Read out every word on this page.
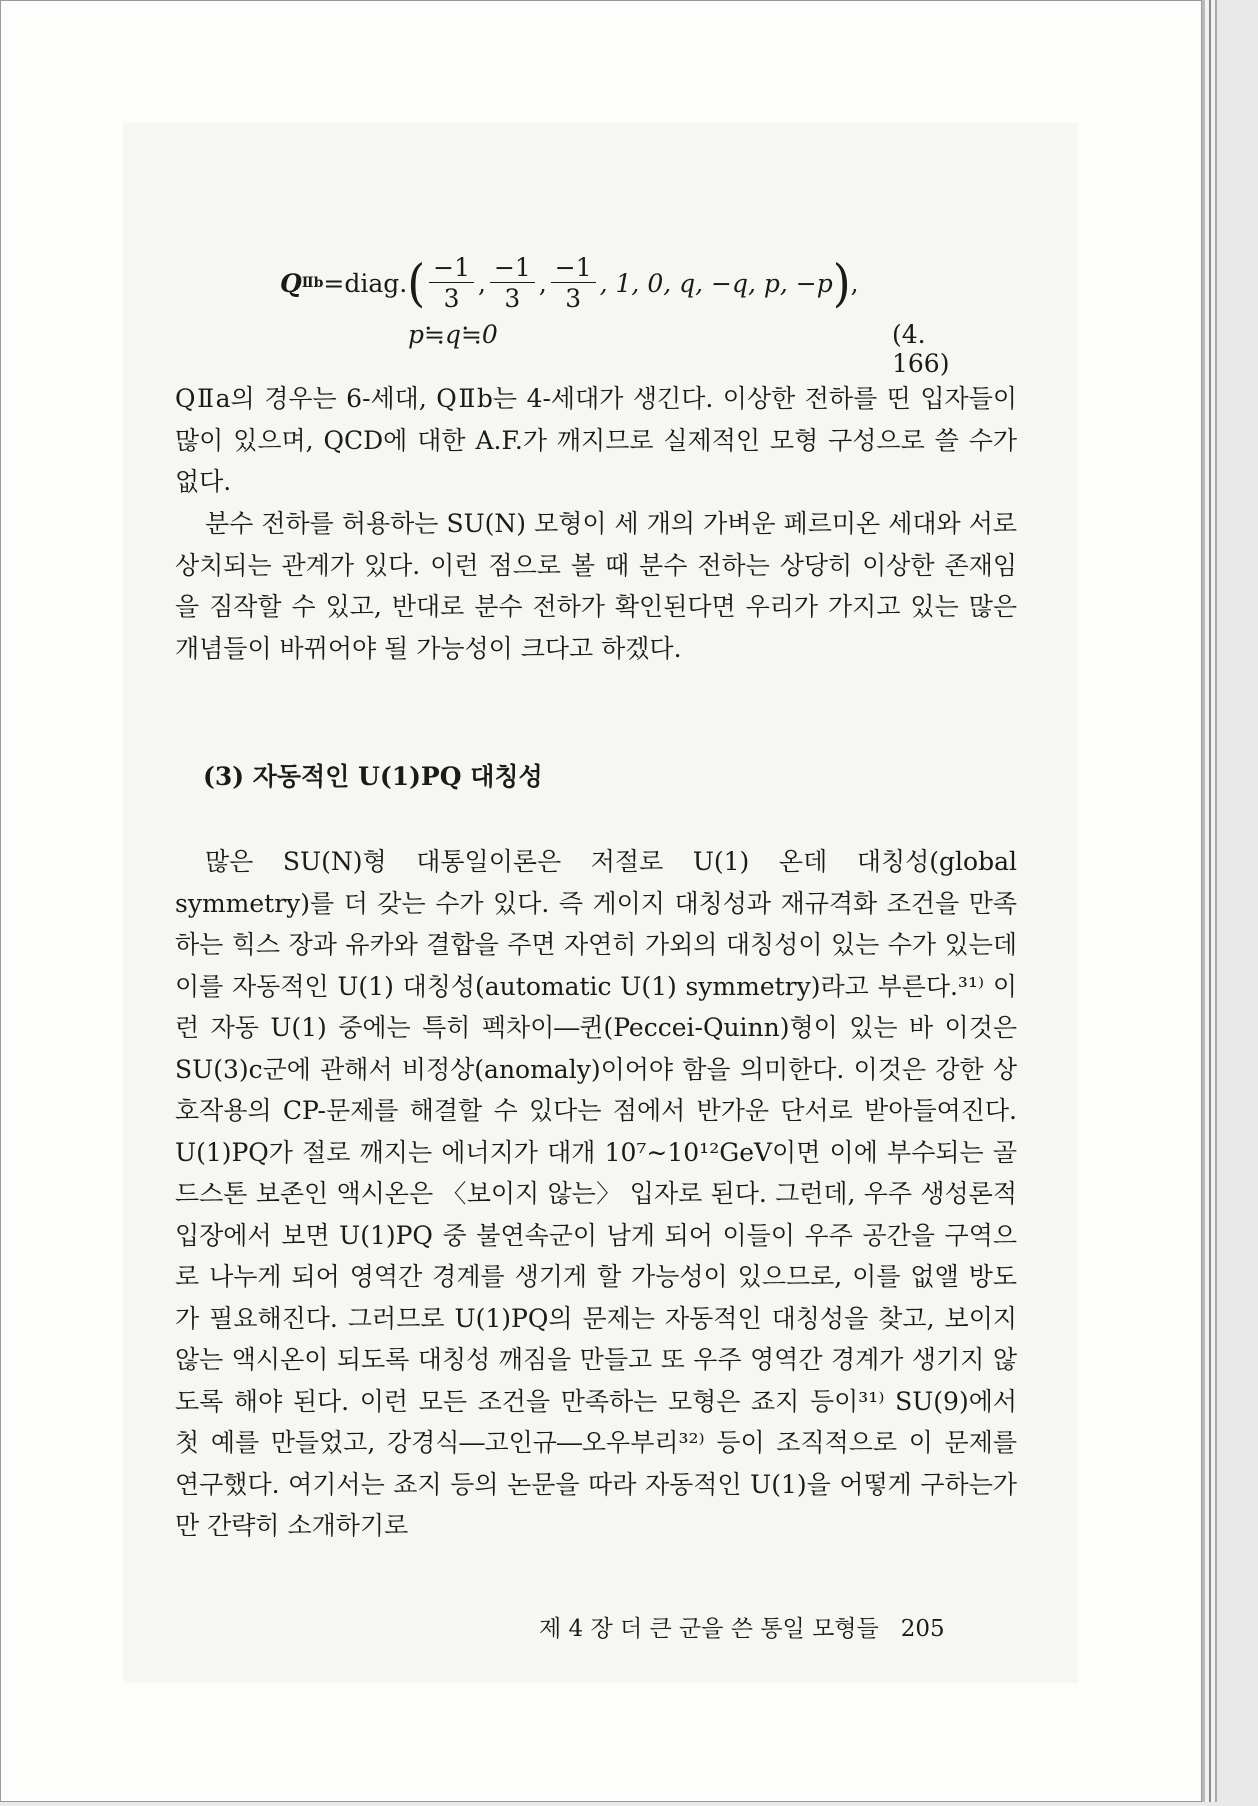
Q Ⅱb =diag. ( $\frac{-1}{3}$ , $\frac{-1}{3}$ , $\frac{-1}{3}$ , 1, 0, q, −q, p, −p ) ,
p≒q≒0	(4. 166)

QⅡa의 경우는 6-세대, QⅡb는 4-세대가 생긴다. 이상한 전하를 띤 입자들이 많이 있으며, QCD에 대한 A.F.가 깨지므로 실제적인 모형 구성으로 쓸 수가 없다.

분수 전하를 허용하는 SU(N) 모형이 세 개의 가벼운 페르미온 세대와 서로 상치되는 관계가 있다. 이런 점으로 볼 때 분수 전하는 상당히 이상한 존재임을 짐작할 수 있고, 반대로 분수 전하가 확인된다면 우리가 가지고 있는 많은 개념들이 바뀌어야 될 가능성이 크다고 하겠다.

(3) 자동적인 U(1)PQ 대칭성

많은 SU(N)형 대통일이론은 저절로 U(1) 온데 대칭성(global symmetry)를 더 갖는 수가 있다. 즉 게이지 대칭성과 재규격화 조건을 만족하는 힉스 장과 유카와 결합을 주면 자연히 가외의 대칭성이 있는 수가 있는데 이를 자동적인 U(1) 대칭성(automatic U(1) symmetry)라고 부른다.³¹⁾ 이런 자동 U(1) 중에는 특히 펙차이―퀸(Peccei-Quinn)형이 있는 바 이것은 SU(3)c군에 관해서 비정상(anomaly)이어야 함을 의미한다. 이것은 강한 상호작용의 CP-문제를 해결할 수 있다는 점에서 반가운 단서로 받아들여진다. U(1)PQ가 절로 깨지는 에너지가 대개 10⁷∼10¹²GeV이면 이에 부수되는 골드스톤 보존인 액시온은 〈보이지 않는〉 입자로 된다. 그런데, 우주 생성론적 입장에서 보면 U(1)PQ 중 불연속군이 남게 되어 이들이 우주 공간을 구역으로 나누게 되어 영역간 경계를 생기게 할 가능성이 있으므로, 이를 없앨 방도가 필요해진다. 그러므로 U(1)PQ의 문제는 자동적인 대칭성을 찾고, 보이지 않는 액시온이 되도록 대칭성 깨짐을 만들고 또 우주 영역간 경계가 생기지 않도록 해야 된다. 이런 모든 조건을 만족하는 모형은 죠지 등이³¹⁾ SU(9)에서 첫 예를 만들었고, 강경식―고인규―오우부리³²⁾ 등이 조직적으로 이 문제를 연구했다. 여기서는 죠지 등의 논문을 따라 자동적인 U(1)을 어떻게 구하는가만 간략히 소개하기로

제 4 장 더 큰 군을 쓴 통일 모형들 205
